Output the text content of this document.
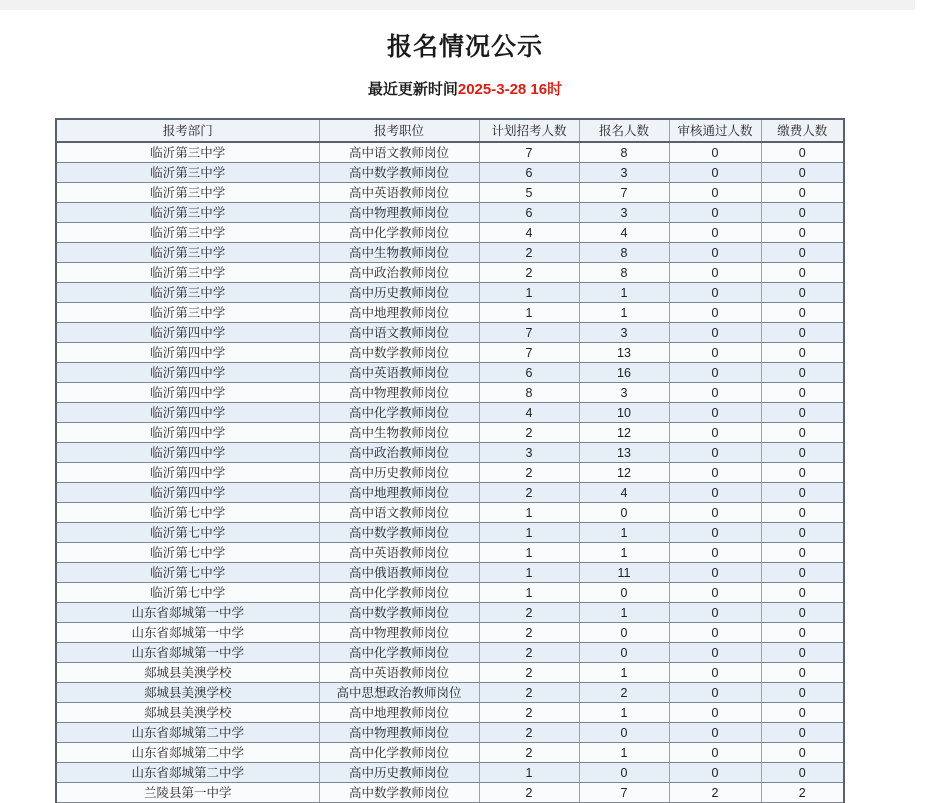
报名情况公示
最近更新时间2025-3-28 16时
报考部门	报考职位	计划招考人数	报名人数	审核通过人数	缴费人数
临沂第三中学	高中语文教师岗位	7	8	0	0
临沂第三中学	高中数学教师岗位	6	3	0	0
临沂第三中学	高中英语教师岗位	5	7	0	0
临沂第三中学	高中物理教师岗位	6	3	0	0
临沂第三中学	高中化学教师岗位	4	4	0	0
临沂第三中学	高中生物教师岗位	2	8	0	0
临沂第三中学	高中政治教师岗位	2	8	0	0
临沂第三中学	高中历史教师岗位	1	1	0	0
临沂第三中学	高中地理教师岗位	1	1	0	0
临沂第四中学	高中语文教师岗位	7	3	0	0
临沂第四中学	高中数学教师岗位	7	13	0	0
临沂第四中学	高中英语教师岗位	6	16	0	0
临沂第四中学	高中物理教师岗位	8	3	0	0
临沂第四中学	高中化学教师岗位	4	10	0	0
临沂第四中学	高中生物教师岗位	2	12	0	0
临沂第四中学	高中政治教师岗位	3	13	0	0
临沂第四中学	高中历史教师岗位	2	12	0	0
临沂第四中学	高中地理教师岗位	2	4	0	0
临沂第七中学	高中语文教师岗位	1	0	0	0
临沂第七中学	高中数学教师岗位	1	1	0	0
临沂第七中学	高中英语教师岗位	1	1	0	0
临沂第七中学	高中俄语教师岗位	1	11	0	0
临沂第七中学	高中化学教师岗位	1	0	0	0
山东省郯城第一中学	高中数学教师岗位	2	1	0	0
山东省郯城第一中学	高中物理教师岗位	2	0	0	0
山东省郯城第一中学	高中化学教师岗位	2	0	0	0
郯城县美澳学校	高中英语教师岗位	2	1	0	0
郯城县美澳学校	高中思想政治教师岗位	2	2	0	0
郯城县美澳学校	高中地理教师岗位	2	1	0	0
山东省郯城第二中学	高中物理教师岗位	2	0	0	0
山东省郯城第二中学	高中化学教师岗位	2	1	0	0
山东省郯城第二中学	高中历史教师岗位	1	0	0	0
兰陵县第一中学	高中数学教师岗位	2	7	2	2
